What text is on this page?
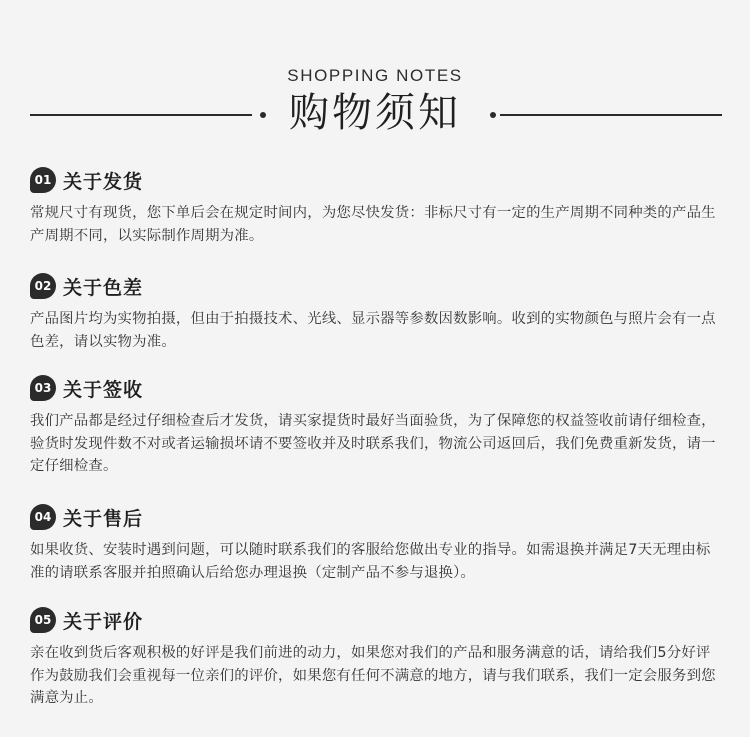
SHOPPING NOTES
购物须知
01 关于发货
常规尺寸有现货，您下单后会在规定时间内，为您尽快发货：非标尺寸有一定的生产周期不同种类的产品生产周期不同，以实际制作周期为准。
02 关于色差
产品图片均为实物拍摄，但由于拍摄技术、光线、显示器等参数因数影响。收到的实物颜色与照片会有一点色差，请以实物为准。
03 关于签收
我们产品都是经过仔细检查后才发货，请买家提货时最好当面验货，为了保障您的权益签收前请仔细检查，验货时发现件数不对或者运输损坏请不要签收并及时联系我们，物流公司返回后，我们免费重新发货，请一定仔细检查。
04 关于售后
如果收货、安装时遇到问题，可以随时联系我们的客服给您做出专业的指导。如需退换并满足7天无理由标准的请联系客服并拍照确认后给您办理退换（定制产品不参与退换）。
05 关于评价
亲在收到货后客观积极的好评是我们前进的动力，如果您对我们的产品和服务满意的话，请给我们5分好评作为鼓励我们会重视每一位亲们的评价，如果您有任何不满意的地方，请与我们联系，我们一定会服务到您满意为止。
